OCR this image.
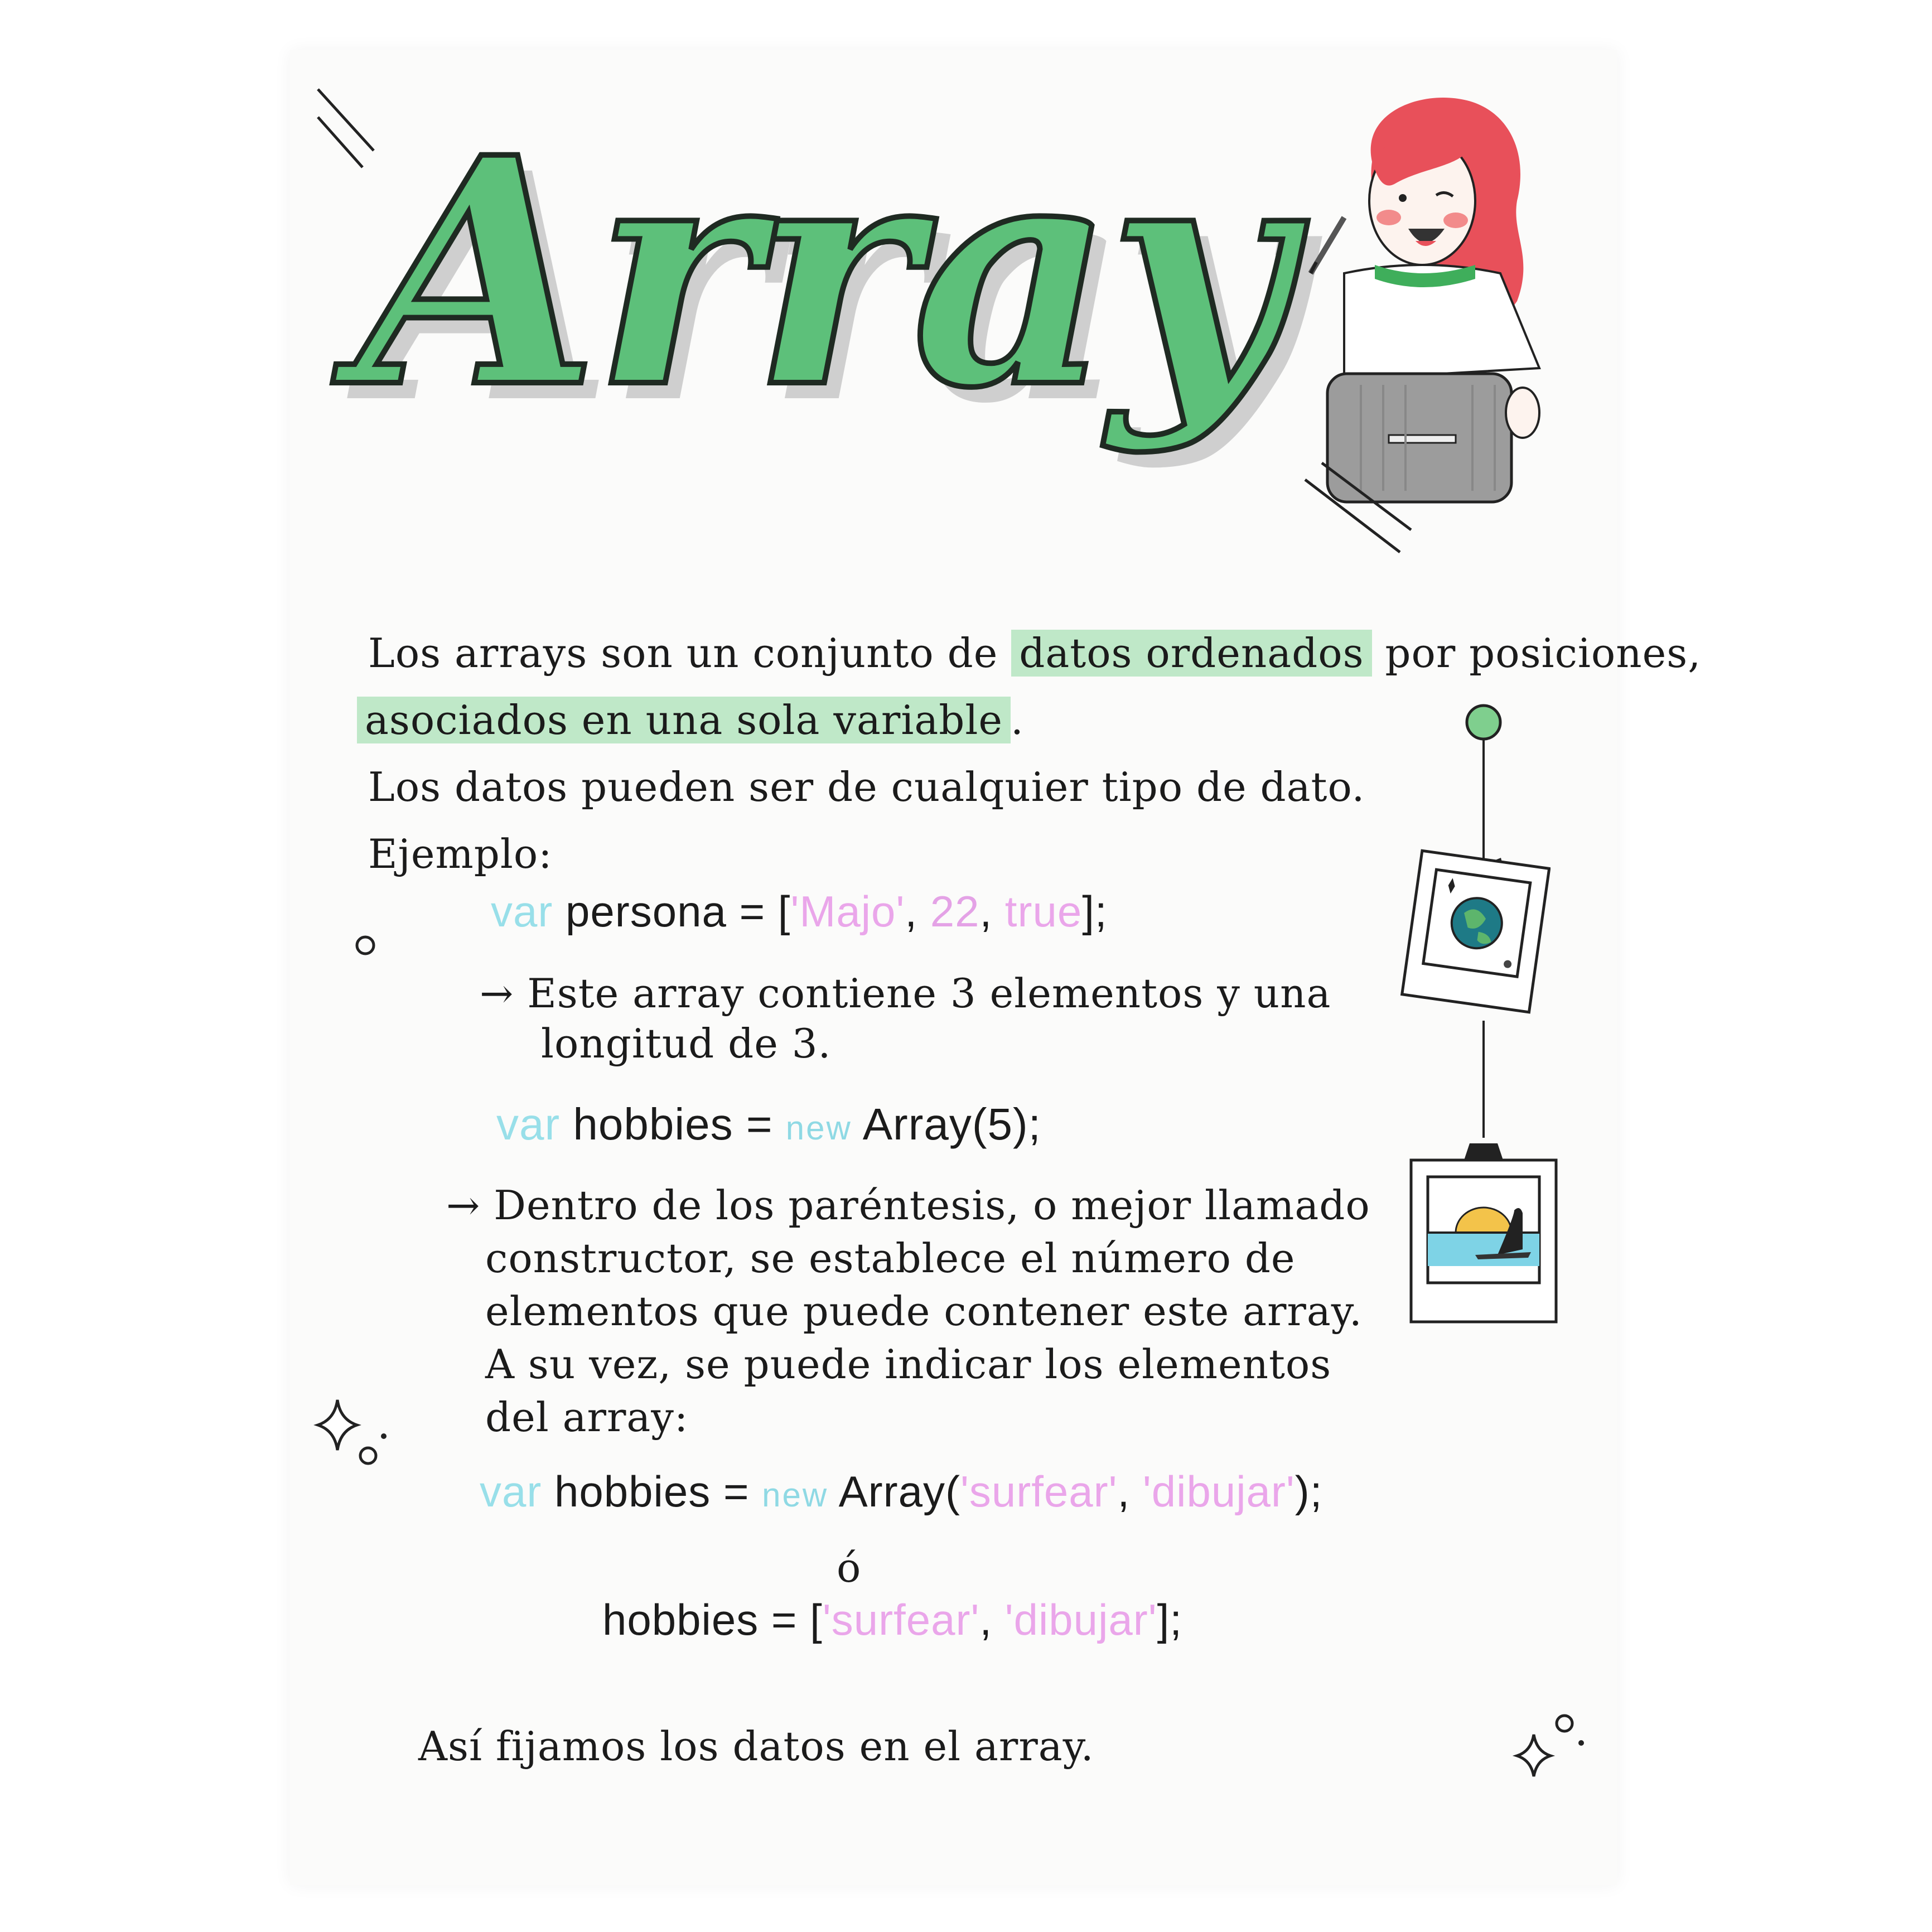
Array
Los arrays son un conjunto de datos ordenados por posiciones,
asociados en una sola variable .
Los datos pueden ser de cualquier tipo de dato.
Ejemplo:
var persona = ['Majo', 22, true];
→ Este array contiene 3 elementos y una
longitud de 3.
var hobbies = new Array(5);
→ Dentro de los paréntesis, o mejor llamado
constructor, se establece el número de
elementos que puede contener este array.
A su vez, se puede indicar los elementos
del array:
var hobbies = new Array('surfear', 'dibujar');
ó
hobbies = ['surfear', 'dibujar'];
Así fijamos los datos en el array.
